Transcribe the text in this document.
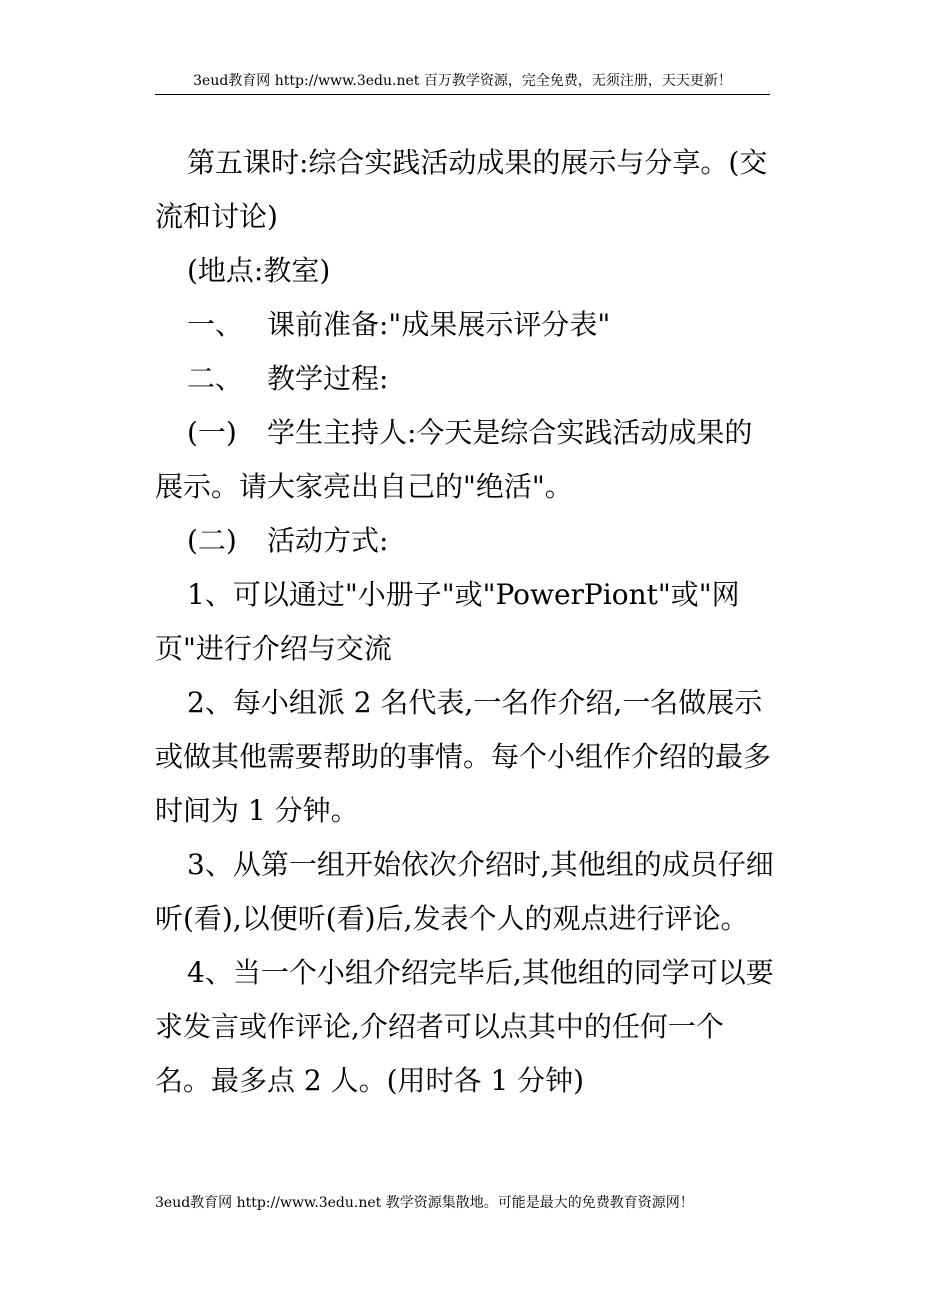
3eud教育网 http://www.3edu.net 百万教学资源，完全免费，无须注册，天天更新！

第五课时:综合实践活动成果的展示与分享。(交流和讨论)

(地点:教室)

一、 课前准备:"成果展示评分表"

二、 教学过程:

(一) 学生主持人:今天是综合实践活动成果的展示。请大家亮出自己的"绝活"。

(二) 活动方式:

1、可以通过"小册子"或"PowerPiont"或"网页"进行介绍与交流

2、每小组派 2 名代表,一名作介绍,一名做展示或做其他需要帮助的事情。每个小组作介绍的最多时间为 1 分钟。

3、从第一组开始依次介绍时,其他组的成员仔细听(看),以便听(看)后,发表个人的观点进行评论。

4、当一个小组介绍完毕后,其他组的同学可以要求发言或作评论,介绍者可以点其中的任何一个名。最多点 2 人。(用时各 1 分钟)

3eud教育网 http://www.3edu.net 教学资源集散地。可能是最大的免费教育资源网！
